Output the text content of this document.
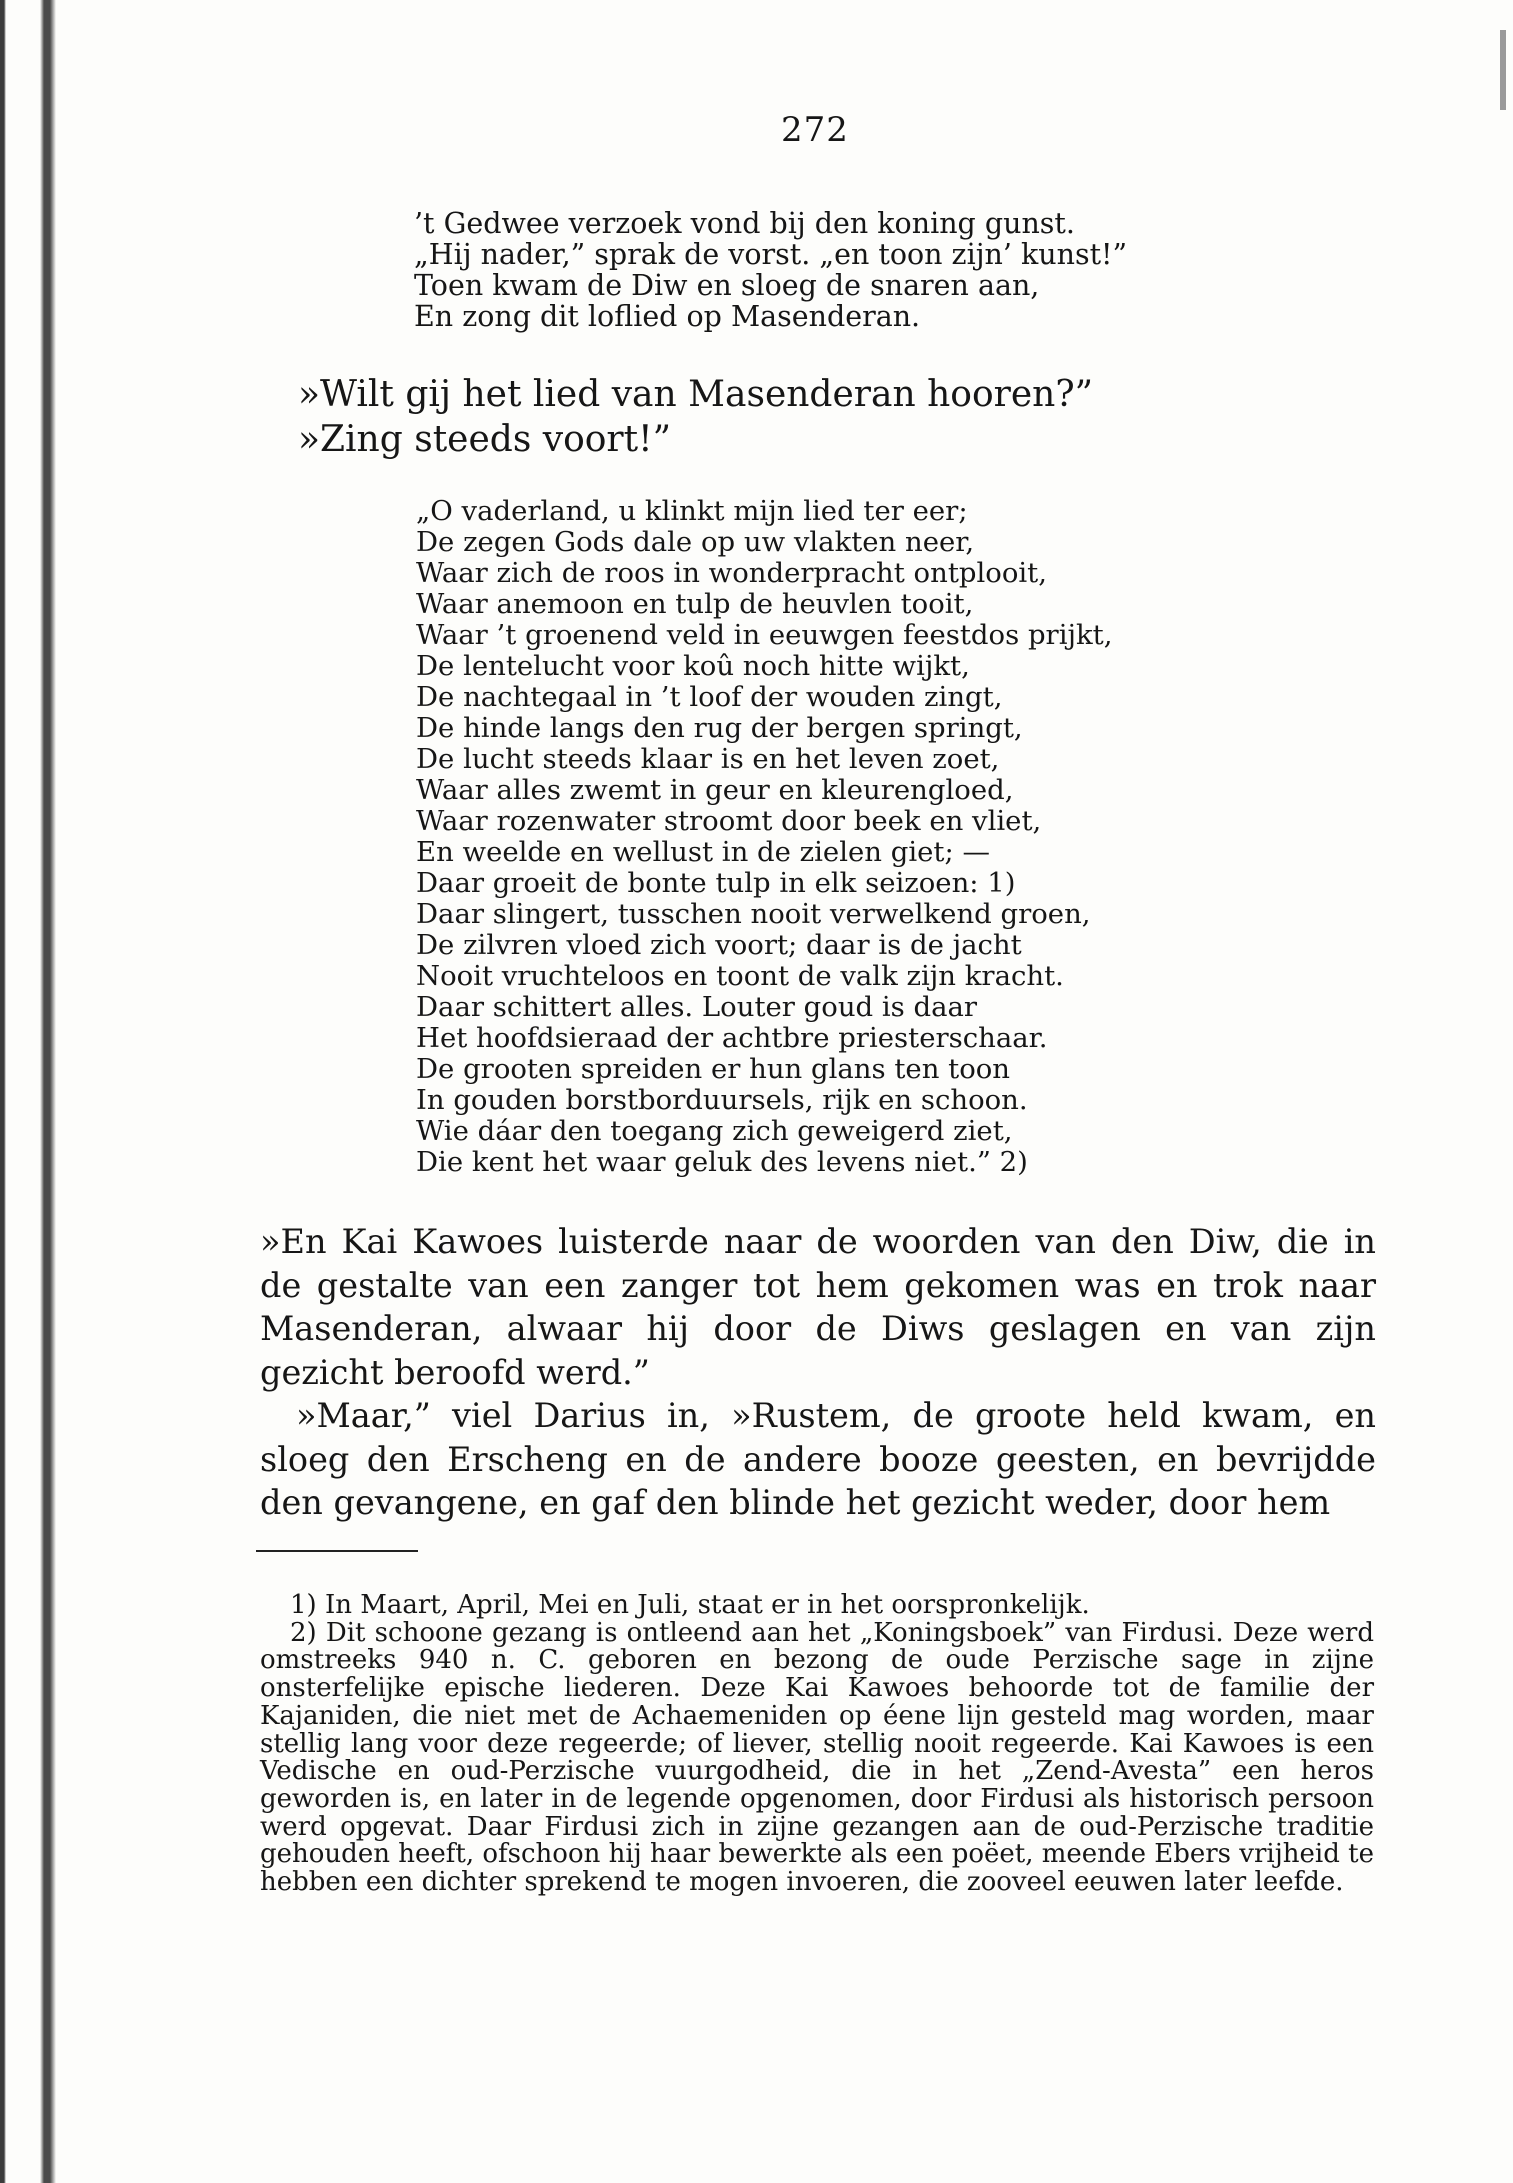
272
’t Gedwee verzoek vond bij den koning gunst.
„Hij nader,” sprak de vorst. „en toon zijn’ kunst!”
Toen kwam de Diw en sloeg de snaren aan,
En zong dit loflied op Masenderan.
»Wilt gij het lied van Masenderan hooren?”
»Zing steeds voort!”
„O vaderland, u klinkt mijn lied ter eer;
De zegen Gods dale op uw vlakten neer,
Waar zich de roos in wonderpracht ontplooit,
Waar anemoon en tulp de heuvlen tooit,
Waar ’t groenend veld in eeuwgen feestdos prijkt,
De lentelucht voor koû noch hitte wijkt,
De nachtegaal in ’t loof der wouden zingt,
De hinde langs den rug der bergen springt,
De lucht steeds klaar is en het leven zoet,
Waar alles zwemt in geur en kleurengloed,
Waar rozenwater stroomt door beek en vliet,
En weelde en wellust in de zielen giet; —
Daar groeit de bonte tulp in elk seizoen: 1)
Daar slingert, tusschen nooit verwelkend groen,
De zilvren vloed zich voort; daar is de jacht
Nooit vruchteloos en toont de valk zijn kracht.
Daar schittert alles. Louter goud is daar
Het hoofdsieraad der achtbre priesterschaar.
De grooten spreiden er hun glans ten toon
In gouden borstborduursels, rijk en schoon.
Wie dáar den toegang zich geweigerd ziet,
Die kent het waar geluk des levens niet.” 2)

»En Kai Kawoes luisterde naar de woorden van den Diw, die in de gestalte van een zanger tot hem gekomen was en trok naar Masenderan, alwaar hij door de Diws geslagen en van zijn gezicht beroofd werd.”

»Maar,” viel Darius in, »Rustem, de groote held kwam, en sloeg den Erscheng en de andere booze geesten, en bevrijdde den gevangene, en gaf den blinde het gezicht weder, door hem

1) In Maart, April, Mei en Juli, staat er in het oorspronkelijk.

2) Dit schoone gezang is ontleend aan het „Koningsboek” van Firdusi. Deze werd omstreeks 940 n. C. geboren en bezong de oude Perzische sage in zijne onsterfelijke epische liederen. Deze Kai Kawoes behoorde tot de familie der Kajaniden, die niet met de Achaemeniden op éene lijn gesteld mag worden, maar stellig lang voor deze regeerde; of liever, stellig nooit regeerde. Kai Kawoes is een Vedische en oud-Perzische vuurgodheid, die in het „Zend-Avesta” een heros geworden is, en later in de legende opgenomen, door Firdusi als historisch persoon werd opgevat. Daar Firdusi zich in zijne gezangen aan de oud-Perzische traditie gehouden heeft, ofschoon hij haar bewerkte als een poëet, meende Ebers vrijheid te hebben een dichter sprekend te mogen invoeren, die zooveel eeuwen later leefde.
